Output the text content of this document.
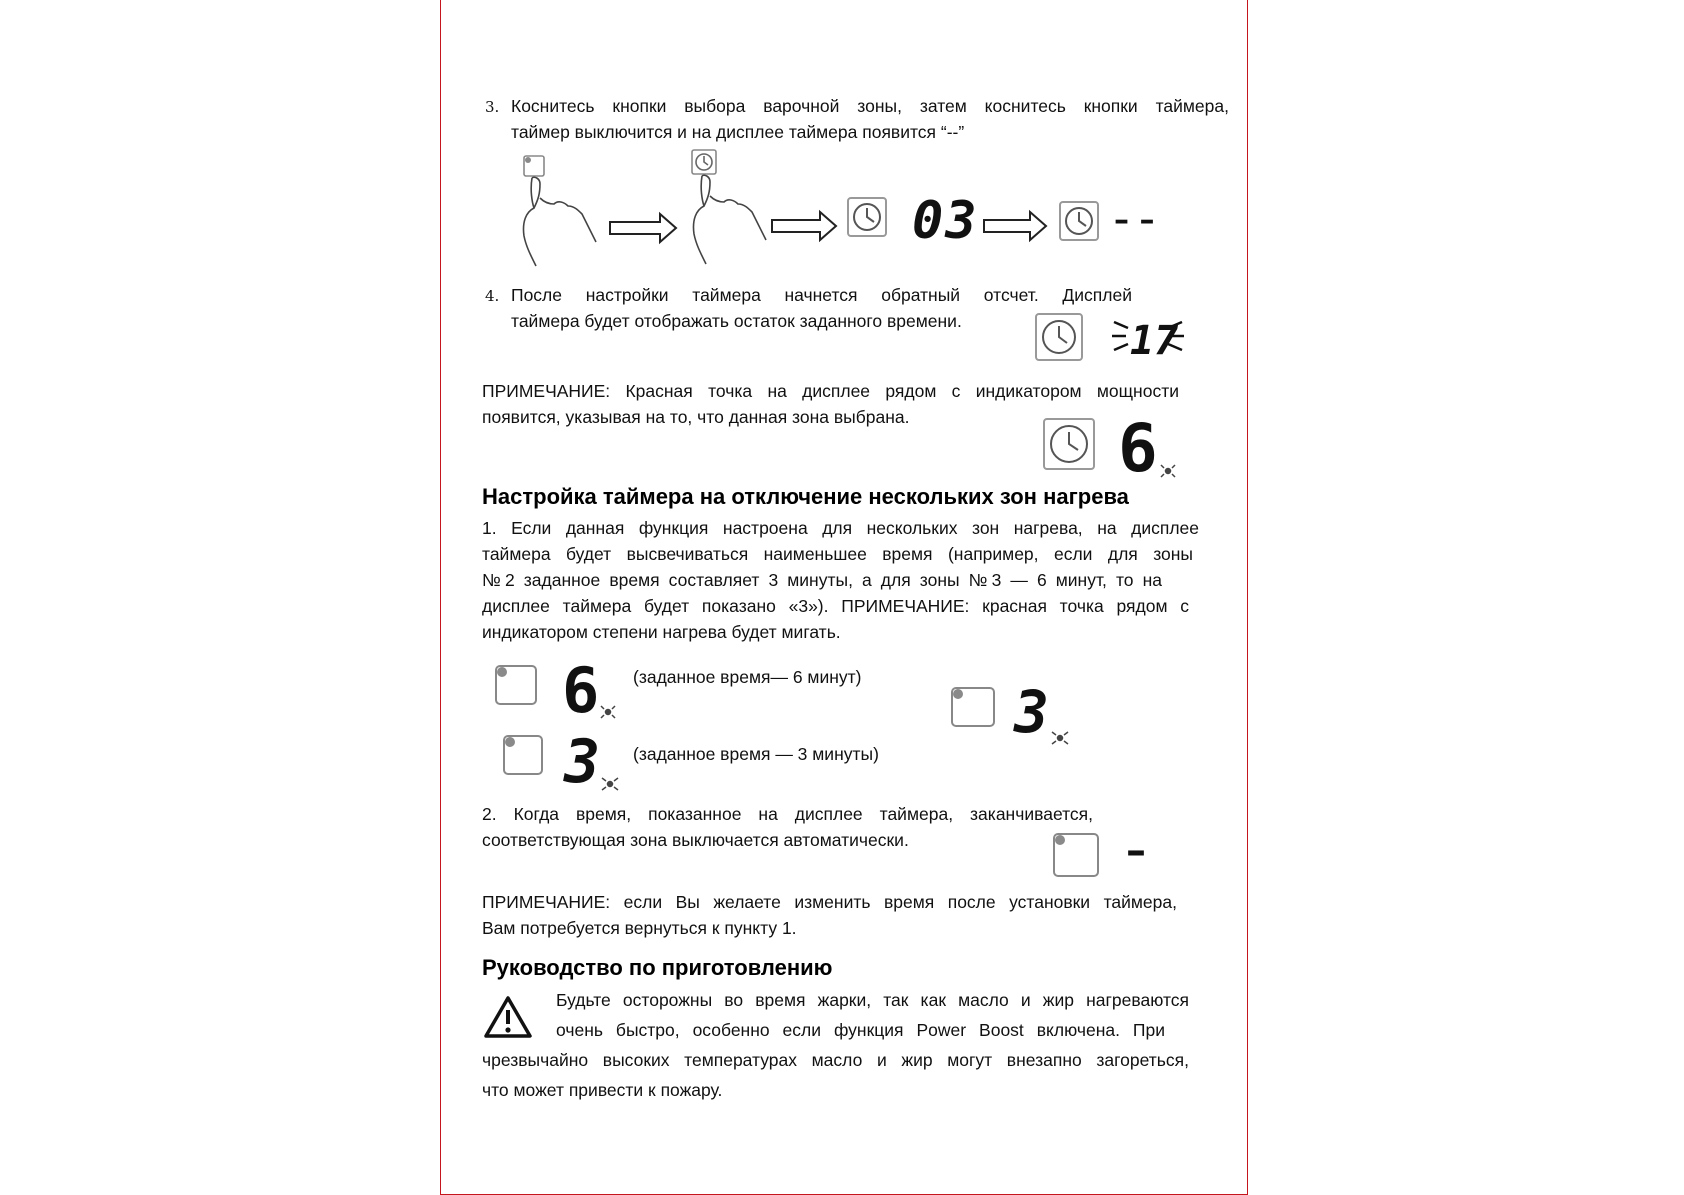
3. Коснитесь кнопки выбора варочной зоны, затем коснитесь кнопки таймера,
таймер выключится и на дисплее таймера появится “--”
03	– –
4. После настройки таймера начнется обратный отсчет. Дисплей
таймера будет отображать остаток заданного времени.	17
ПРИМЕЧАНИЕ: Красная точка на дисплее рядом с индикатором мощности
появится, указывая на то, что данная зона выбрана.	6
Настройка таймера на отключение нескольких зон нагрева
1. Если данная функция настроена для нескольких зон нагрева, на дисплее
таймера будет высвечиваться наименьшее время (например, если для зоны
№2 заданное время составляет 3 минуты, а для зоны №3 — 6 минут, то на
дисплее таймера будет показано «3»). ПРИМЕЧАНИЕ: красная точка рядом с
индикатором степени нагрева будет мигать.
6 (заданное время— 6 минут)
3 (заданное время — 3 минуты)
3
2. Когда время, показанное на дисплее таймера, заканчивается,
соответствующая зона выключается автоматически.	–
ПРИМЕЧАНИЕ: если Вы желаете изменить время после установки таймера,
Вам потребуется вернуться к пункту 1.
Руководство по приготовлению
Будьте осторожны во время жарки, так как масло и жир нагреваются
очень быстро, особенно если функция Power Boost включена. При
чрезвычайно высоких температурах масло и жир могут внезапно загореться,
что может привести к пожару.
